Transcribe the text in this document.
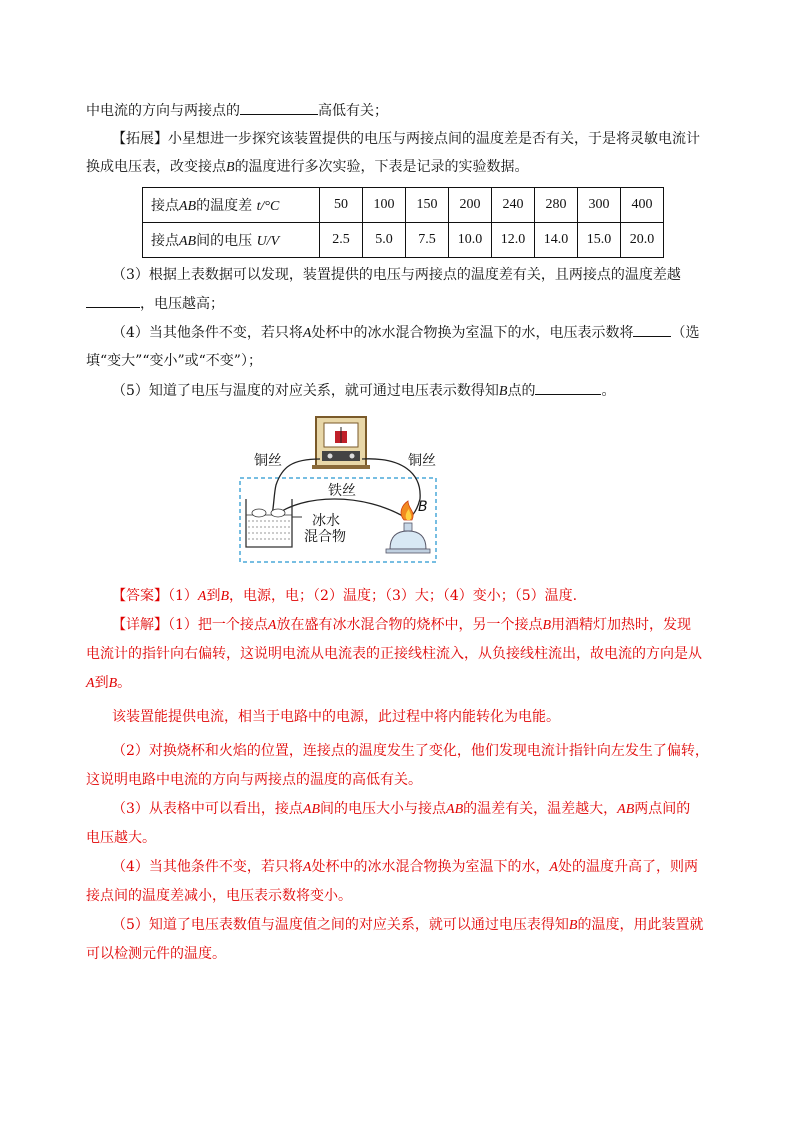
中电流的方向与两接点的	高低有关；
【拓展】小星想进一步探究该装置提供的电压与两接点间的温度差是否有关，于是将灵敏电流计
换成电压表，改变接点B的温度进行多次实验，下表是记录的实验数据。
接点AB的温度差 t/°C	50	100	150	200	240	280	300	400
接点AB间的电压 U/V	2.5	5.0	7.5	10.0	12.0	14.0	15.0	20.0
（3）根据上表数据可以发现，装置提供的电压与两接点的温度差有关，且两接点的温度差越
，电压越高；
（4）当其他条件不变，若只将A处杯中的冰水混合物换为室温下的水，电压表示数将	（选
填“变大”“变小”或“不变”）；
（5）知道了电压与温度的对应关系，就可通过电压表示数得知B点的	。
铜丝	铜丝
铁丝
B
冰水
混合物
【答案】（1）A到B，电源，电；（2）温度；（3）大；（4）变小；（5）温度.
【详解】（1）把一个接点A放在盛有冰水混合物的烧杯中，另一个接点B用酒精灯加热时，发现
电流计的指针向右偏转，这说明电流从电流表的正接线柱流入，从负接线柱流出，故电流的方向是从
A到B。
该装置能提供电流，相当于电路中的电源，此过程中将内能转化为电能。
（2）对换烧杯和火焰的位置，连接点的温度发生了变化，他们发现电流计指针向左发生了偏转，
这说明电路中电流的方向与两接点的温度的高低有关。
（3）从表格中可以看出，接点AB间的电压大小与接点AB的温差有关，温差越大，AB两点间的
电压越大。
（4）当其他条件不变，若只将A处杯中的冰水混合物换为室温下的水，A处的温度升高了，则两
接点间的温度差减小，电压表示数将变小。
（5）知道了电压表数值与温度值之间的对应关系，就可以通过电压表得知B的温度，用此装置就
可以检测元件的温度。
